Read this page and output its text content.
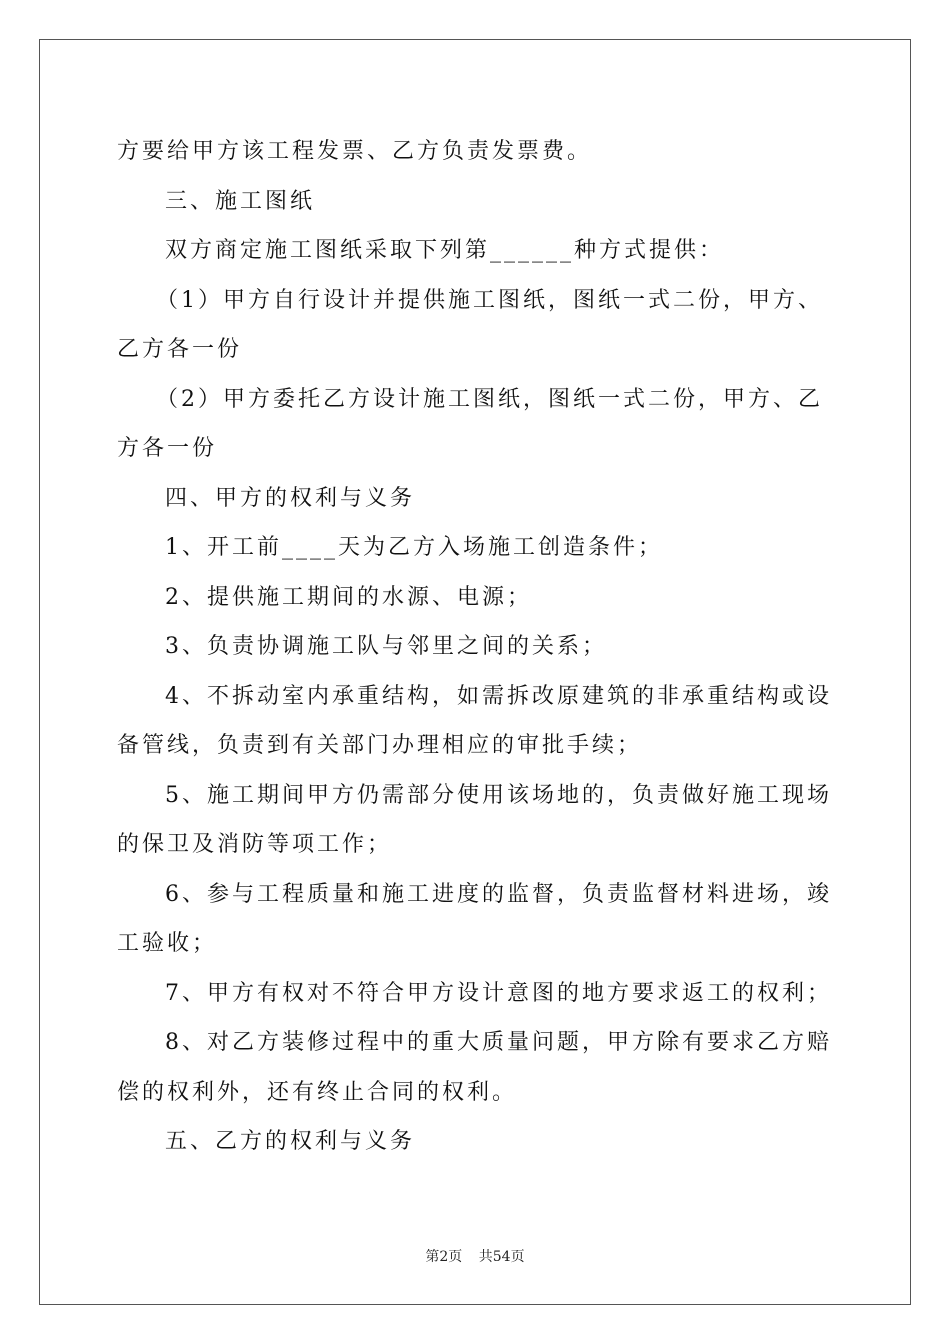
方要给甲方该工程发票、乙方负责发票费。

三、施工图纸

双方商定施工图纸采取下列第______种方式提供：

（1）甲方自行设计并提供施工图纸，图纸一式二份，甲方、乙方各一份

（2）甲方委托乙方设计施工图纸，图纸一式二份，甲方、乙方各一份

四、甲方的权利与义务

1、开工前____天为乙方入场施工创造条件；

2、提供施工期间的水源、电源；

3、负责协调施工队与邻里之间的关系；

4、不拆动室内承重结构，如需拆改原建筑的非承重结构或设备管线，负责到有关部门办理相应的审批手续；

5、施工期间甲方仍需部分使用该场地的，负责做好施工现场的保卫及消防等项工作；

6、参与工程质量和施工进度的监督，负责监督材料进场，竣工验收；

7、甲方有权对不符合甲方设计意图的地方要求返工的权利；

8、对乙方装修过程中的重大质量问题，甲方除有要求乙方赔偿的权利外，还有终止合同的权利。

五、乙方的权利与义务

第2页 共54页
